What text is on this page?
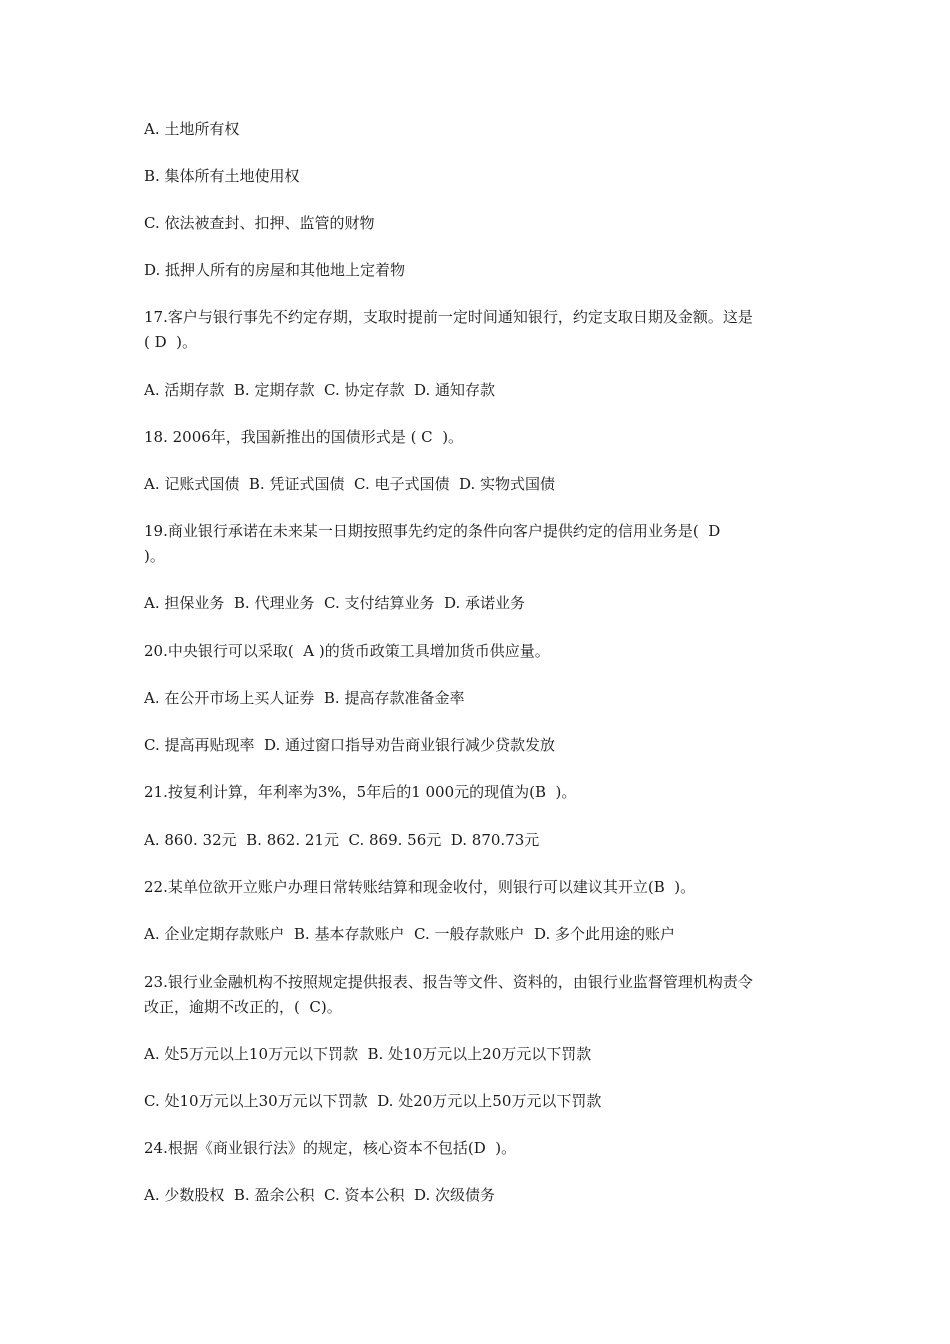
A. 土地所有权
B. 集体所有土地使用权
C. 依法被查封、扣押、监管的财物
D. 抵押人所有的房屋和其他地上定着物
17.客户与银行事先不约定存期，支取时提前一定时间通知银行，约定支取日期及金额。这是
( D  )。
A. 活期存款  B. 定期存款  C. 协定存款  D. 通知存款
18. 2006年，我国新推出的国债形式是 ( C  )。
A. 记账式国债  B. 凭证式国债  C. 电子式国债  D. 实物式国债
19.商业银行承诺在未来某一日期按照事先约定的条件向客户提供约定的信用业务是(  D
)。
A. 担保业务  B. 代理业务  C. 支付结算业务  D. 承诺业务
20.中央银行可以采取(  A )的货币政策工具增加货币供应量。
A. 在公开市场上买人证券  B. 提高存款准备金率
C. 提高再贴现率  D. 通过窗口指导劝告商业银行减少贷款发放
21.按复利计算，年利率为3%，5年后的1 000元的现值为(B  )。
A. 860. 32元  B. 862. 21元  C. 869. 56元  D. 870.73元
22.某单位欲开立账户办理日常转账结算和现金收付，则银行可以建议其开立(B  )。
A. 企业定期存款账户  B. 基本存款账户  C. 一般存款账户  D. 多个此用途的账户
23.银行业金融机构不按照规定提供报表、报告等文件、资料的，由银行业监督管理机构责令
改正，逾期不改正的，(  C)。
A. 处5万元以上10万元以下罚款  B. 处10万元以上20万元以下罚款
C. 处10万元以上30万元以下罚款  D. 处20万元以上50万元以下罚款
24.根据《商业银行法》的规定，核心资本不包括(D  )。
A. 少数股权  B. 盈余公积  C. 资本公积  D. 次级债务
